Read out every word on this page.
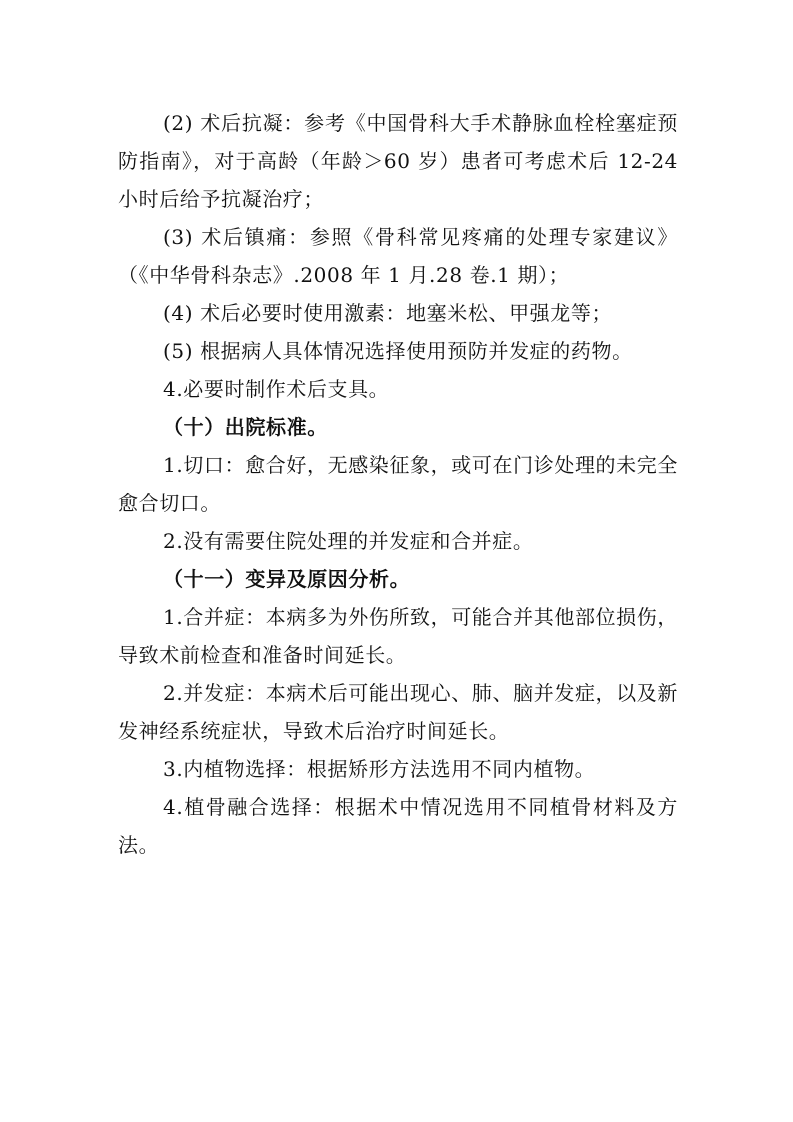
(2) 术后抗凝：参考《中国骨科大手术静脉血栓栓塞症预防指南》，对于高龄（年龄＞60 岁）患者可考虑术后 12-24 小时后给予抗凝治疗；

(3) 术后镇痛：参照《骨科常见疼痛的处理专家建议》（《中华骨科杂志》.2008 年 1 月.28 卷.1 期）；

(4) 术后必要时使用激素：地塞米松、甲强龙等；

(5) 根据病人具体情况选择使用预防并发症的药物。

4.必要时制作术后支具。

（十）出院标准。

1.切口：愈合好，无感染征象，或可在门诊处理的未完全愈合切口。

2.没有需要住院处理的并发症和合并症。

（十一）变异及原因分析。

1.合并症：本病多为外伤所致，可能合并其他部位损伤，导致术前检查和准备时间延长。

2.并发症：本病术后可能出现心、肺、脑并发症，以及新发神经系统症状，导致术后治疗时间延长。

3.内植物选择：根据矫形方法选用不同内植物。

4.植骨融合选择：根据术中情况选用不同植骨材料及方法。
